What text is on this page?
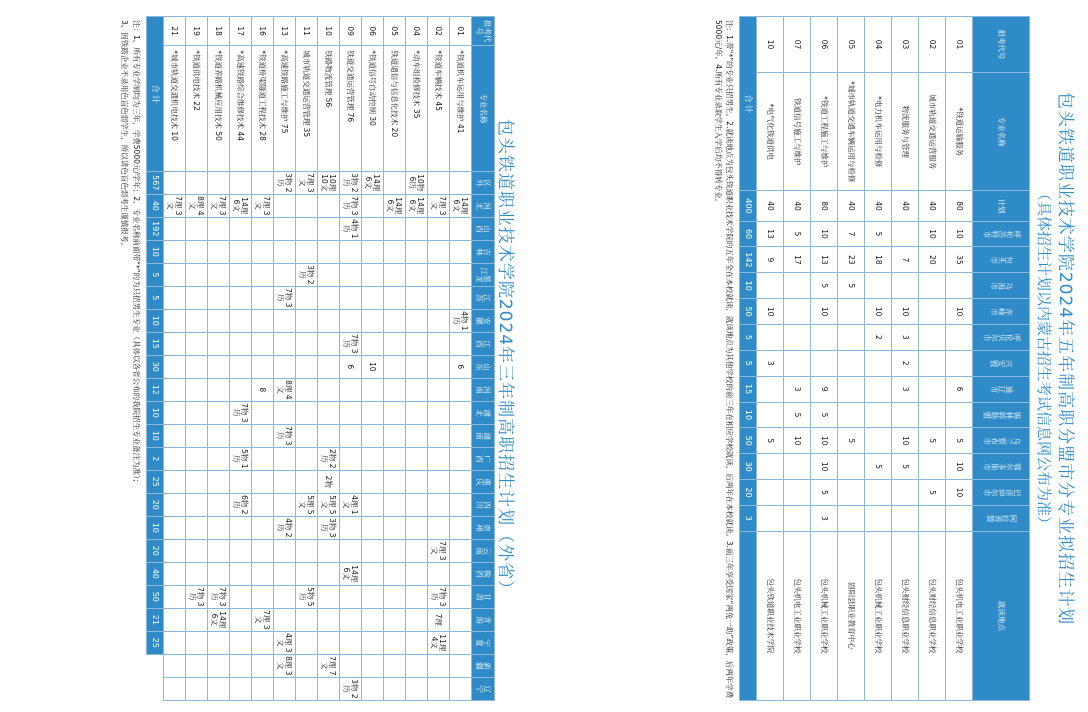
包头铁道职业技术学院2024年三年制高职招生计划（外省）

报考代号	专业名称	区外	河北	山西	吉林	黑龙江	江苏	安徽	江西	山东	河南	湖北	湖南	广西	重庆	四川	贵州	云南	陕西	甘肃	青海	宁夏	新疆	辽宁
01	*铁道机车运用与维护 41		14理 6文					4物 1历		6														
02	*铁道车辆技术 45		7理 3文															7理 3文		7物 3历	7理	11理 4文		
04	*动车组检修技术 35	10物 6历	14理 6文																					
05	铁道通信与信息化技术 20		14理 6文																					
06	*铁道信号自动控制 30	14理 6文								10														
09	铁道交通运营管理 76	3物 2历	7物 3历	4物 1历					7物 3历	6						4理 1文			14理 6文					3物 2历
10	铁路物流管理 56	10理 10文												2物 2历	2物	5理 5文	3物 3历						7理 7文	
11	城市轨道交通运营管理 35	7理 3文				3物 2历										5理 5文				5物 5历				
13	*高速铁路施工与维护 75	3物 2历					7物 3历				8理 4文		7物 3历				4物 2历					4理 3文	8理 3文	
16	*铁道桥梁隧道工程技术 28		7理 3文								8										7理 3文			
17	*高速铁路综合维修技术 44		14理 6文									7物 3历		5物 1历		6物 2历								
18	*铁道养路机械应用技术 50		7理 3文																	7物 3历	14理 6文			
19	*铁道供电技术 22		8理 4文																	7物 3历				
21	*城市轨道交通机电技术 10		7理 3文																					
合 计		567	40	192	10	5	5	10	15	30	12	10	10	2	25	20	10	20	40	50	21	25		

注：1、所有专业学制均为三年，学费5000元/学年；2、专业名称前面带“*”的为只招男生专业（具体以各省公布的我院招生专业备注为准）；

3、因铁路企业不录用色盲色弱学生，所以请色盲色弱考生谨慎报考。	包头铁道职业技术学院2024年五年制高职分盟市分专业拟招生计划

（具体招生计划以内蒙古招生考试信息网公布为准）

报考代号	专业名称	计划	呼和浩特市	包头市	乌海市	赤峰市	呼伦贝尔市	兴安盟	通辽市	锡林郭勒盟	乌兰察布市	鄂尔多斯市	巴彦淖尔市	阿拉善盟	就读地点
01	*铁道运输服务	80	10	35		10			6		5	10	10		包头机电工业职业学校
02	城市轨道交通运营服务	40	10	20							5		5		包头财经信息职业学校
03	物流服务与管理	40		7		10	3	2	3		10	5			包头财经信息职业学校
04	*电力机车运用与检修	40	5	18		10	2					5			包头机械工业职业学校
05	*城市轨道交通车辆运用与检修	40	7	23	5						5				固阳县职业教育中心
06	*铁道工程施工与维护	80	10	13	5	10			9	5	10	10	5	3	包头机械工业职业学校
07	铁道信号施工与维护	40	5	17					3	5	10				包头机电工业职业学校
10	*电气化铁道供电	40	13	9		10		3			5				包头铁道职业技术学院
合 计		400	60	142	10	50	5	5	15	10	50	30	20	3	

注：1.带“*”的专业只招男生。2.就读地点为包头铁道职业技术学院的五年全在本校就读，就读地点为其他学校的前三年在相应学校就读，后两年在本校就读。3.前三年享受国家“两免一助”政策，后两年学费5000元/年。4.所有专业录取学生入学后均不得转专业。
